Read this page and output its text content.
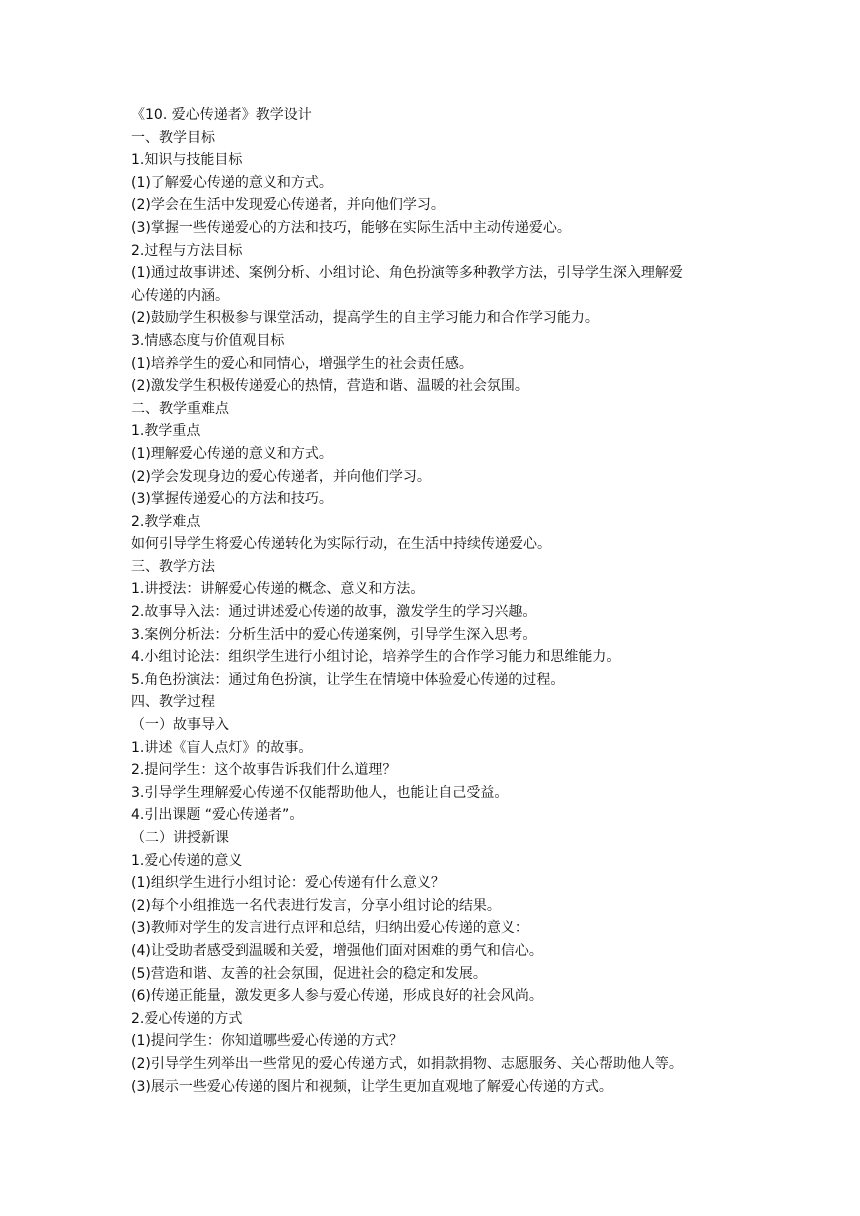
《10. 爱心传递者》教学设计

一、教学目标

1.知识与技能目标

(1)了解爱心传递的意义和方式。

(2)学会在生活中发现爱心传递者，并向他们学习。

(3)掌握一些传递爱心的方法和技巧，能够在实际生活中主动传递爱心。

2.过程与方法目标

(1)通过故事讲述、案例分析、小组讨论、角色扮演等多种教学方法，引导学生深入理解爱

心传递的内涵。

(2)鼓励学生积极参与课堂活动，提高学生的自主学习能力和合作学习能力。

3.情感态度与价值观目标

(1)培养学生的爱心和同情心，增强学生的社会责任感。

(2)激发学生积极传递爱心的热情，营造和谐、温暖的社会氛围。

二、教学重难点

1.教学重点

(1)理解爱心传递的意义和方式。

(2)学会发现身边的爱心传递者，并向他们学习。

(3)掌握传递爱心的方法和技巧。

2.教学难点

如何引导学生将爱心传递转化为实际行动，在生活中持续传递爱心。

三、教学方法

1.讲授法：讲解爱心传递的概念、意义和方法。

2.故事导入法：通过讲述爱心传递的故事，激发学生的学习兴趣。

3.案例分析法：分析生活中的爱心传递案例，引导学生深入思考。

4.小组讨论法：组织学生进行小组讨论，培养学生的合作学习能力和思维能力。

5.角色扮演法：通过角色扮演，让学生在情境中体验爱心传递的过程。

四、教学过程

（一）故事导入

1.讲述《盲人点灯》的故事。

2.提问学生：这个故事告诉我们什么道理？

3.引导学生理解爱心传递不仅能帮助他人，也能让自己受益。

4.引出课题 “爱心传递者”。

（二）讲授新课

1.爱心传递的意义

(1)组织学生进行小组讨论：爱心传递有什么意义？

(2)每个小组推选一名代表进行发言，分享小组讨论的结果。

(3)教师对学生的发言进行点评和总结，归纳出爱心传递的意义：

(4)让受助者感受到温暖和关爱，增强他们面对困难的勇气和信心。

(5)营造和谐、友善的社会氛围，促进社会的稳定和发展。

(6)传递正能量，激发更多人参与爱心传递，形成良好的社会风尚。

2.爱心传递的方式

(1)提问学生：你知道哪些爱心传递的方式？

(2)引导学生列举出一些常见的爱心传递方式，如捐款捐物、志愿服务、关心帮助他人等。

(3)展示一些爱心传递的图片和视频，让学生更加直观地了解爱心传递的方式。
